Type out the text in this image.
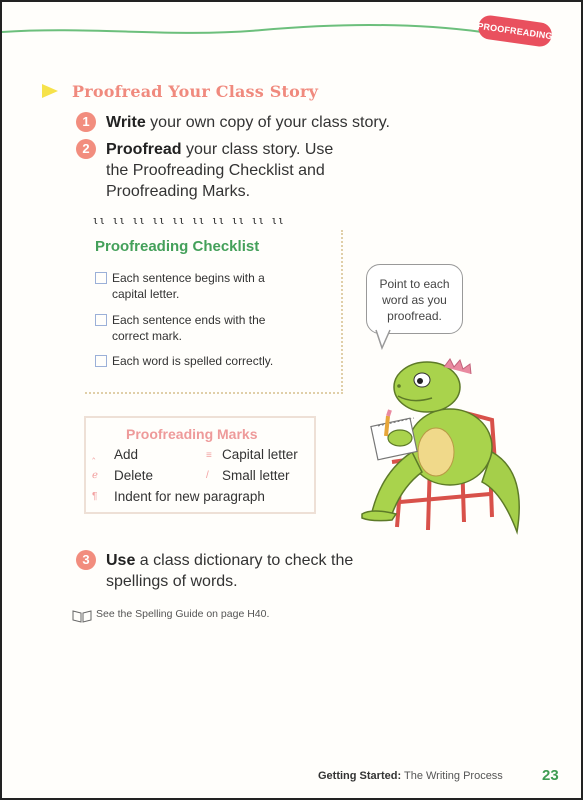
PROOFREADING
Proofread Your Class Story
1	Write your own copy of your class story.
2	Proofread your class story. Use
the Proofreading Checklist and
Proofreading Marks.
ιι ιι ιι ιι ιι ιι ιι ιι ιι ιι
Proofreading Checklist
Each sentence begins with a
capital letter.
Each sentence ends with the
correct mark.
Each word is spelled correctly.
Point to each
word as you
proofread.
Proofreading Marks
‸ Add	≡ Capital letter
ℯ Delete	/ Small letter
¶ Indent for new paragraph
3	Use a class dictionary to check the
spellings of words.
See the Spelling Guide on page H40.
Getting Started: The Writing Process	23
